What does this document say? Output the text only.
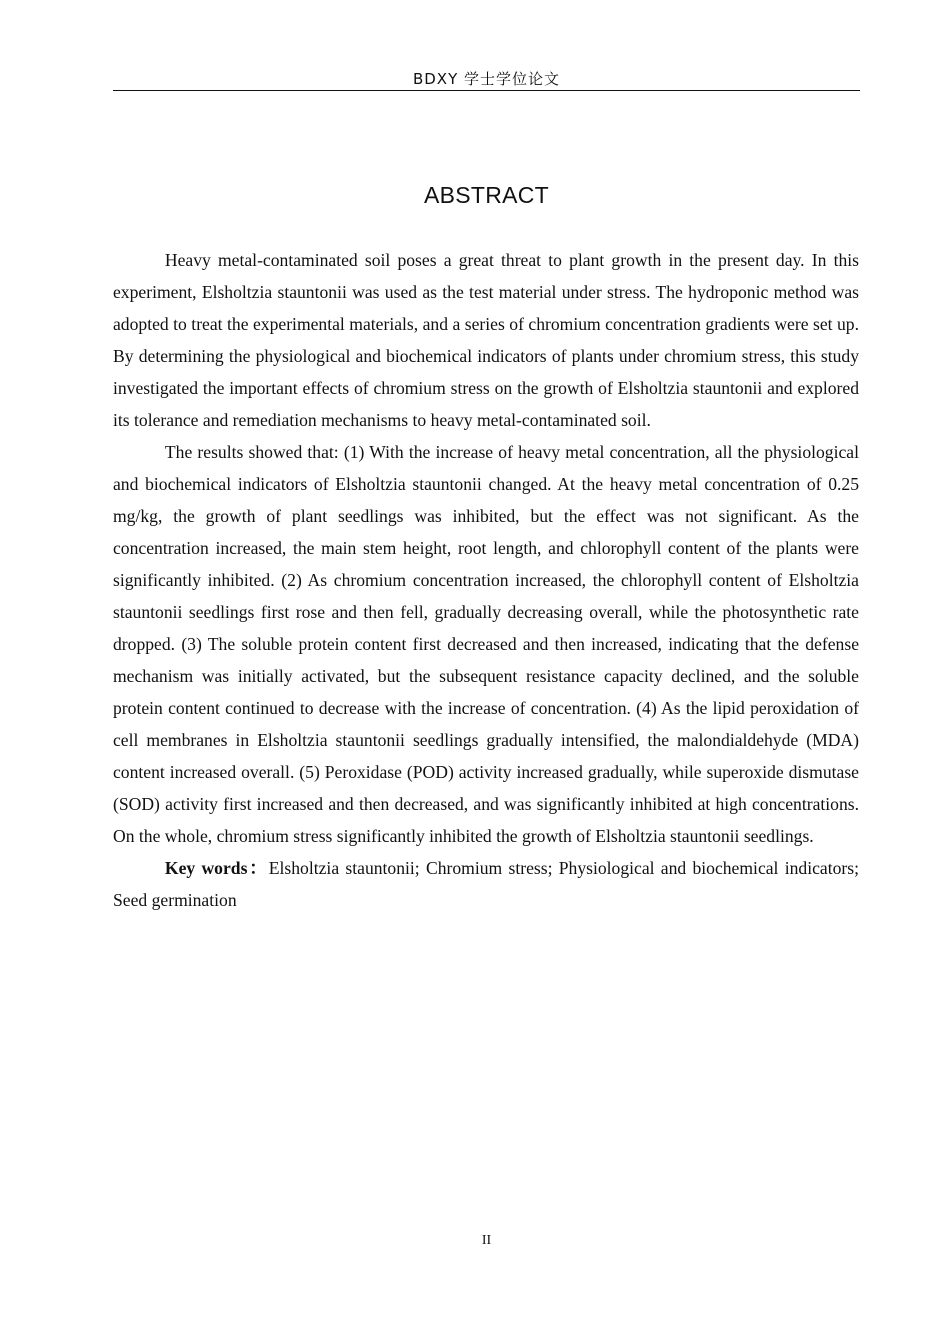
BDXY 学士学位论文
ABSTRACT

Heavy metal-contaminated soil poses a great threat to plant growth in the present day. In this experiment, Elsholtzia stauntonii was used as the test material under stress. The hydroponic method was adopted to treat the experimental materials, and a series of chromium concentration gradients were set up. By determining the physiological and biochemical indicators of plants under chromium stress, this study investigated the important effects of chromium stress on the growth of Elsholtzia stauntonii and explored its tolerance and remediation mechanisms to heavy metal-contaminated soil.

The results showed that: (1) With the increase of heavy metal concentration, all the physiological and biochemical indicators of Elsholtzia stauntonii changed. At the heavy metal concentration of 0.25 mg/kg, the growth of plant seedlings was inhibited, but the effect was not significant. As the concentration increased, the main stem height, root length, and chlorophyll content of the plants were significantly inhibited. (2) As chromium concentration increased, the chlorophyll content of Elsholtzia stauntonii seedlings first rose and then fell, gradually decreasing overall, while the photosynthetic rate dropped. (3) The soluble protein content first decreased and then increased, indicating that the defense mechanism was initially activated, but the subsequent resistance capacity declined, and the soluble protein content continued to decrease with the increase of concentration. (4) As the lipid peroxidation of cell membranes in Elsholtzia stauntonii seedlings gradually intensified, the malondialdehyde (MDA) content increased overall. (5) Peroxidase (POD) activity increased gradually, while superoxide dismutase (SOD) activity first increased and then decreased, and was significantly inhibited at high concentrations. On the whole, chromium stress significantly inhibited the growth of Elsholtzia stauntonii seedlings.

Key words：Elsholtzia stauntonii; Chromium stress; Physiological and biochemical indicators; Seed germination

II
